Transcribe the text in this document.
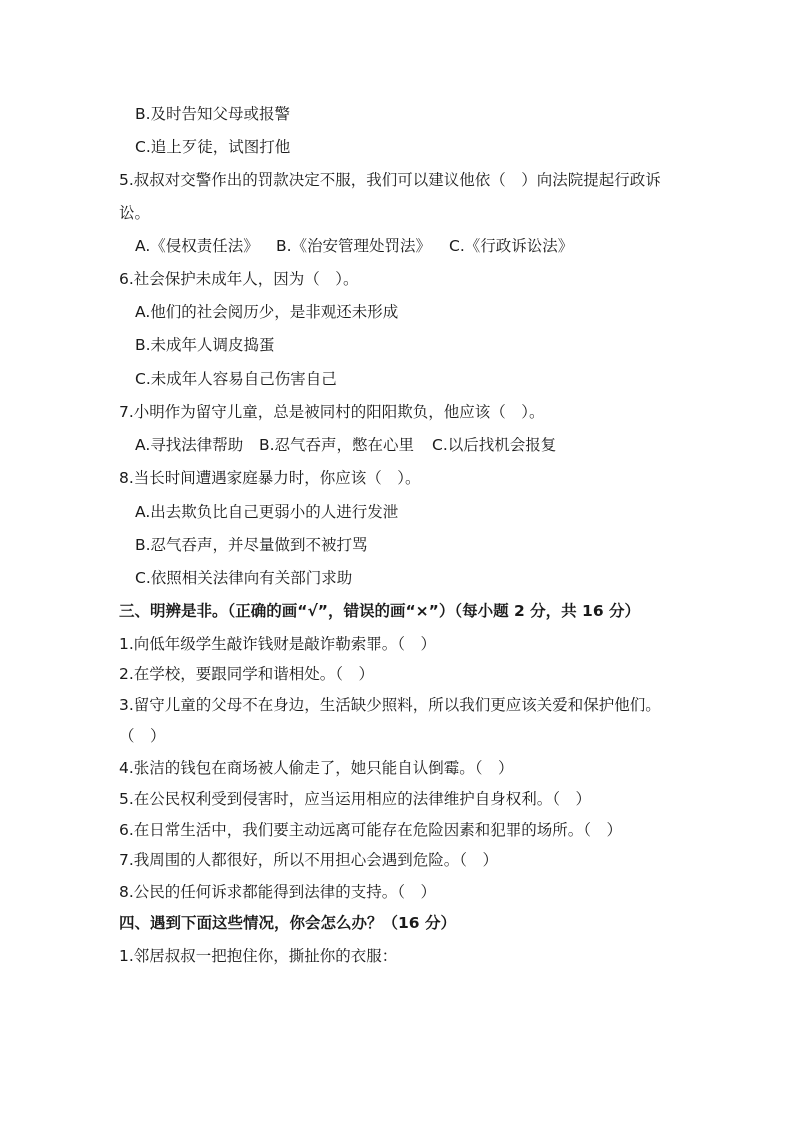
B.及时告知父母或报警
C.追上歹徒，试图打他
5.叔叔对交警作出的罚款决定不服，我们可以建议他依（　）向法院提起行政诉
讼。
A.《侵权责任法》 B.《治安管理处罚法》 C.《行政诉讼法》
6.社会保护未成年人，因为（　）。
A.他们的社会阅历少，是非观还未形成
B.未成年人调皮捣蛋
C.未成年人容易自己伤害自己
7.小明作为留守儿童，总是被同村的阳阳欺负，他应该（　）。
A.寻找法律帮助 B.忍气吞声，憋在心里 C.以后找机会报复
8.当长时间遭遇家庭暴力时，你应该（　）。
A.出去欺负比自己更弱小的人进行发泄
B.忍气吞声，并尽量做到不被打骂
C.依照相关法律向有关部门求助
三、明辨是非。（正确的画“√”，错误的画“×”）（每小题 2 分，共 16 分）
1.向低年级学生敲诈钱财是敲诈勒索罪。（　）
2.在学校，要跟同学和谐相处。（　）
3.留守儿童的父母不在身边，生活缺少照料，所以我们更应该关爱和保护他们。
（　）
4.张洁的钱包在商场被人偷走了，她只能自认倒霉。（　）
5.在公民权利受到侵害时，应当运用相应的法律维护自身权利。（　）
6.在日常生活中，我们要主动远离可能存在危险因素和犯罪的场所。（　）
7.我周围的人都很好，所以不用担心会遇到危险。（　）
8.公民的任何诉求都能得到法律的支持。（　）
四、遇到下面这些情况，你会怎么办？（16 分）
1.邻居叔叔一把抱住你，撕扯你的衣服：
